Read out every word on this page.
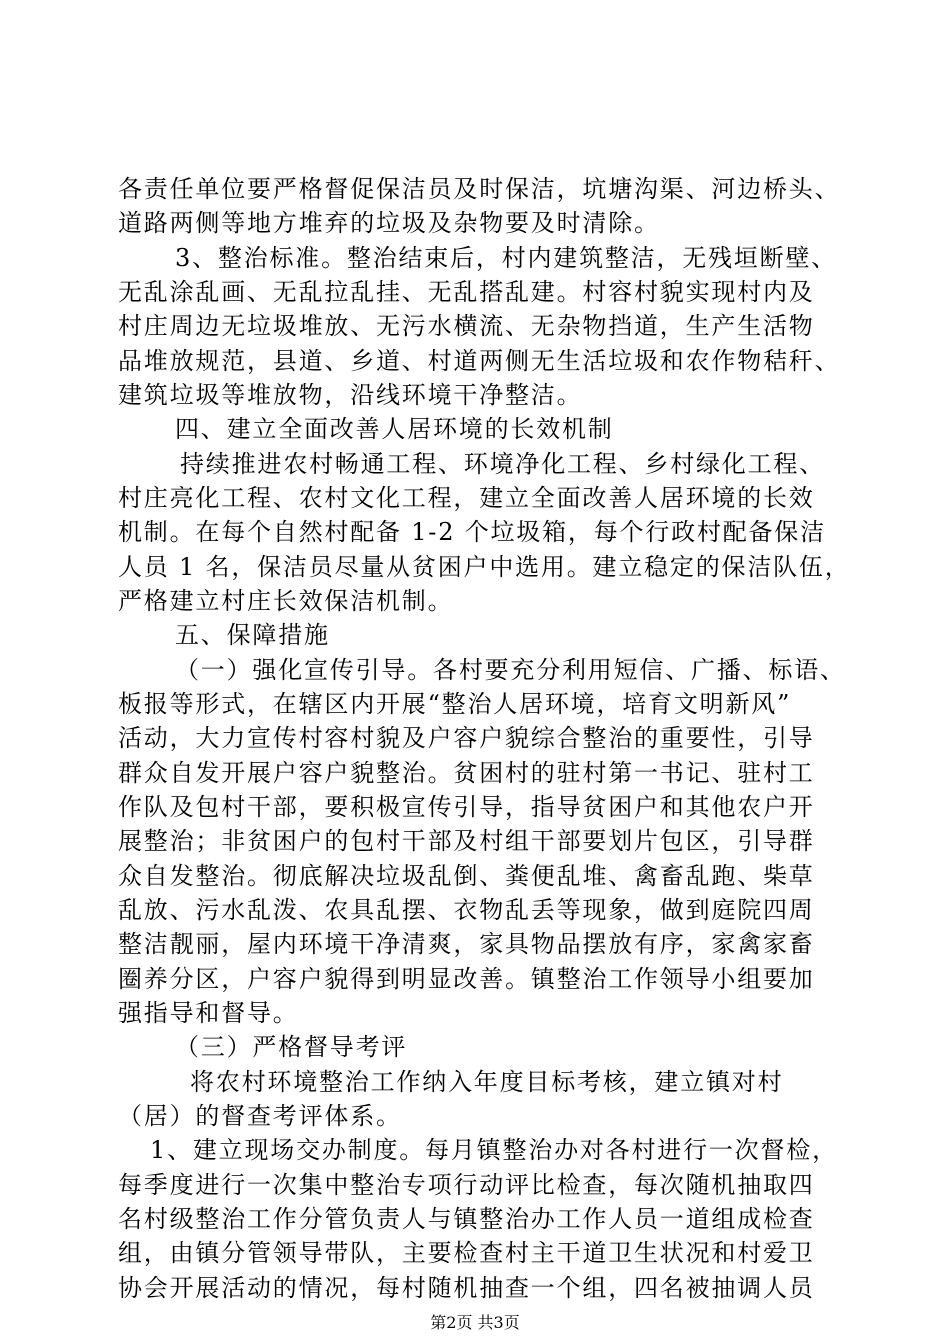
各责任单位要严格督促保洁员及时保洁，坑塘沟渠、河边桥头、
道路两侧等地方堆弃的垃圾及杂物要及时清除。
3、整治标准。整治结束后，村内建筑整洁，无残垣断壁、
无乱涂乱画、无乱拉乱挂、无乱搭乱建。村容村貌实现村内及
村庄周边无垃圾堆放、无污水横流、无杂物挡道，生产生活物
品堆放规范，县道、乡道、村道两侧无生活垃圾和农作物秸秆、
建筑垃圾等堆放物，沿线环境干净整洁。
四、建立全面改善人居环境的长效机制
持续推进农村畅通工程、环境净化工程、乡村绿化工程、
村庄亮化工程、农村文化工程，建立全面改善人居环境的长效
机制。在每个自然村配备 1-2 个垃圾箱，每个行政村配备保洁
人员 1 名，保洁员尽量从贫困户中选用。建立稳定的保洁队伍，
严格建立村庄长效保洁机制。
五、保障措施
（一）强化宣传引导。各村要充分利用短信、广播、标语、
板报等形式，在辖区内开展“整治人居环境，培育文明新风”
活动，大力宣传村容村貌及户容户貌综合整治的重要性，引导
群众自发开展户容户貌整治。贫困村的驻村第一书记、驻村工
作队及包村干部，要积极宣传引导，指导贫困户和其他农户开
展整治；非贫困户的包村干部及村组干部要划片包区，引导群
众自发整治。彻底解决垃圾乱倒、粪便乱堆、禽畜乱跑、柴草
乱放、污水乱泼、农具乱摆、衣物乱丢等现象，做到庭院四周
整洁靓丽，屋内环境干净清爽，家具物品摆放有序，家禽家畜
圈养分区，户容户貌得到明显改善。镇整治工作领导小组要加
强指导和督导。
（三）严格督导考评
将农村环境整治工作纳入年度目标考核，建立镇对村
（居）的督查考评体系。
1、建立现场交办制度。每月镇整治办对各村进行一次督检，
每季度进行一次集中整治专项行动评比检查，每次随机抽取四
名村级整治工作分管负责人与镇整治办工作人员一道组成检查
组，由镇分管领导带队，主要检查村主干道卫生状况和村爱卫
协会开展活动的情况，每村随机抽查一个组，四名被抽调人员
第2页 共3页
